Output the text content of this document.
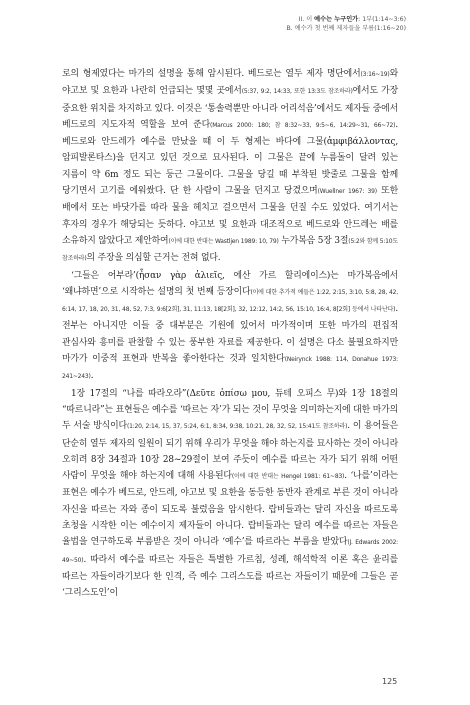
II. 이 예수는 누구인가: 1부(1:14~3:6)
B. 예수가 첫 번째 제자들을 부름(1:16~20)

로의 형제였다는 마가의 설명을 통해 암시된다. 베드로는 열두 제자 명단에서(3:16~19)와 야고보 및 요한과 나란히 언급되는 몇몇 곳에서(5:37, 9:2, 14:33, 또한 13:3도 참조하라)에서도 가장 중요한 위치를 차지하고 있다. 이것은 ‘통솔력뿐만 아니라 어리석음’에서도 제자들 중에서 베드로의 지도자적 역할을 보여 준다(Marcus 2000: 180; 참 8:32~33, 9:5~6, 14:29~31, 66~72). 베드로와 안드레가 예수를 만났을 때 이 두 형제는 바다에 그물(ἀμφιβάλλοντας, 암피발론타스)을 던지고 있던 것으로 묘사된다. 이 그물은 끝에 누름돌이 달려 있는 지름이 약 6m 정도 되는 둥근 그물이다. 그물을 당길 때 부착된 밧줄로 그물을 함께 당기면서 고기를 에워쌌다. 단 한 사람이 그물을 던지고 당겼으며(Wuellner 1967: 39) 또한 배에서 또는 바닷가를 따라 물을 헤치고 걸으면서 그물을 던질 수도 있었다. 여기서는 후자의 경우가 해당되는 듯하다. 야고보 및 요한과 대조적으로 베드로와 안드레는 배를 소유하지 않았다고 제안하여(이에 대한 반대는 Wastljen 1989: 10, 79) 누가복음 5장 3절(5:2와 함께 5:10도 참조하라)의 주장을 의심할 근거는 전혀 없다.

‘그들은 어부라’(ἦσαν γὰρ ἁλιεῖς, 에산 가르 할리에이스)는 마가복음에서 ‘왜냐하면’으로 시작하는 설명의 첫 번째 등장이다(이에 대한 추가적 예들은 1:22, 2:15, 3:10, 5:8, 28, 42, 6:14, 17, 18, 20, 31, 48, 52, 7:3, 9:6[2회], 31, 11:13, 18[2회], 32, 12:12, 14:2, 56, 15:10, 16:4, 8[2회] 등에서 나타난다). 전부는 아니지만 이들 중 대부분은 기원에 있어서 마가적이며 또한 마가의 편집적 관심사와 흥미를 판찰할 수 있는 풍부한 자료를 제공한다. 이 설명은 다소 불필요하지만 마가가 이중적 표현과 반복을 좋아한다는 것과 일치한다(Neirynck 1988: 114, Donahue 1973: 241~243).

1장 17절의 “나를 따라오라”(Δεῦτε ὀπίσω μου, 듀테 오피스 무)와 1장 18절의 “따르니라”는 표현들은 예수를 ‘따르는 자’가 되는 것이 무엇을 의미하는지에 대한 마가의 두 서술 방식이다(1:20, 2:14, 15, 37, 5:24, 6:1, 8:34, 9:38, 10:21, 28, 32, 52, 15:41도 참조하라). 이 용어들은 단순히 열두 제자의 일원이 되기 위해 우리가 무엇을 해야 하는지를 묘사하는 것이 아니라 오히려 8장 34절과 10장 28~29절이 보여 주듯이 예수를 따르는 자가 되기 위해 어떤 사람이 무엇을 해야 하는지에 대해 사용된다(이에 대한 반대는 Hengel 1981: 61~83). ‘나를’이라는 표현은 예수가 베드로, 안드레, 야고보 및 요한을 동등한 동반자 관계로 부른 것이 아니라 자신을 따르는 자와 종이 되도록 불렀음을 암시한다. 랍비들과는 달리 자신을 따르도록 초청을 시작한 이는 예수이지 제자들이 아니다. 랍비들과는 달리 예수를 따르는 자들은 율법을 연구하도록 부름받은 것이 아니라 ‘예수’를 따르라는 부름을 받았다(J. Edwards 2002: 49~50). 따라서 예수를 따르는 자들은 특별한 가르침, 성례, 해석학적 이론 혹은 윤리를 따르는 자들이라기보다 한 인격, 즉 예수 그리스도를 따르는 자들이기 때문에 그들은 곧 ‘그리스도인’이

125
